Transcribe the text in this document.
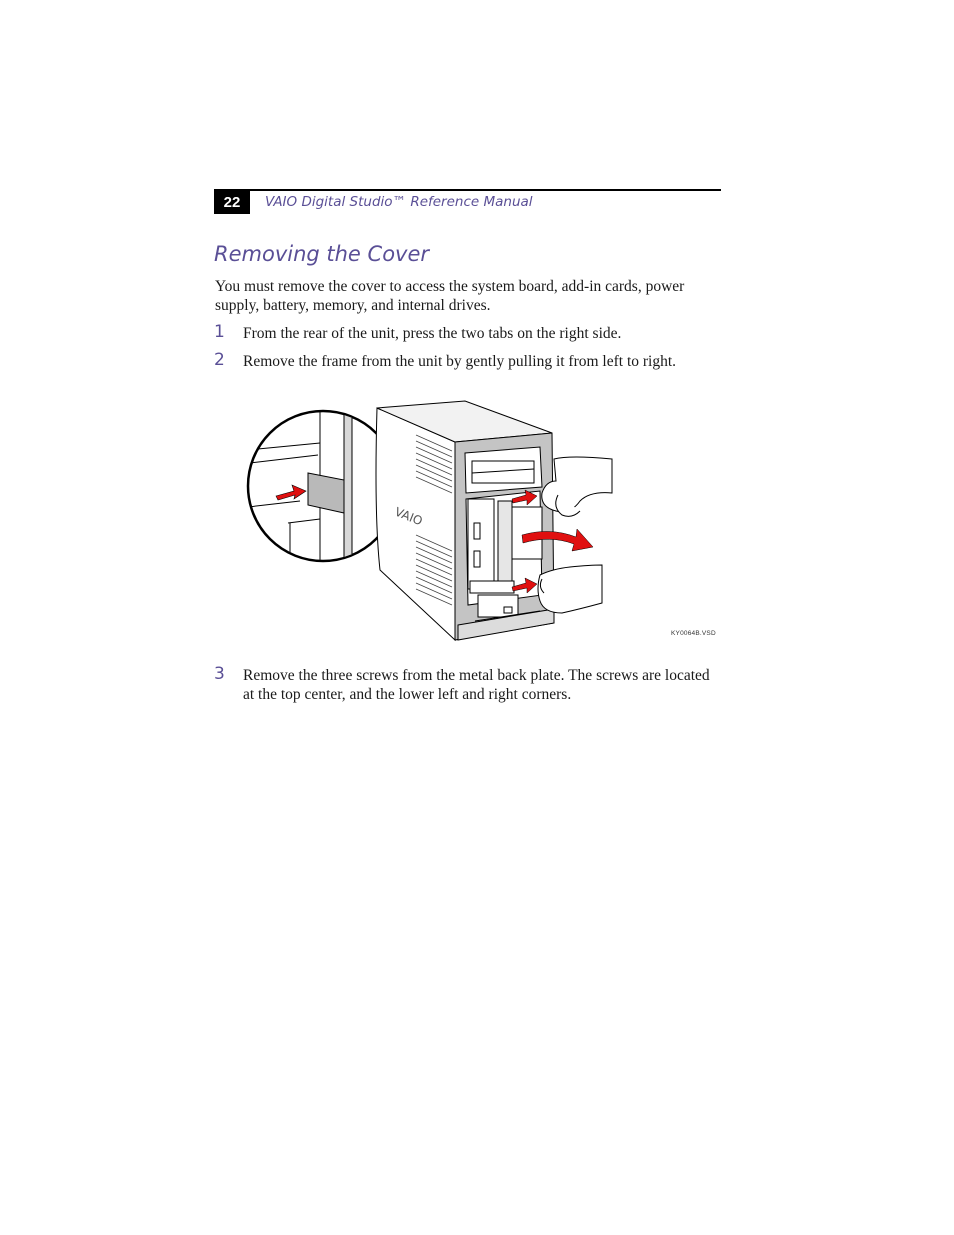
22	VAIO Digital Studio™ Reference Manual
Removing the Cover
You must remove the cover to access the system board, add-in cards, power supply, battery, memory, and internal drives.
1 From the rear of the unit, press the two tabs on the right side.
2 Remove the frame from the unit by gently pulling it from left to right.
VAIO
KY0064B.VSD
3 Remove the three screws from the metal back plate. The screws are located at the top center, and the lower left and right corners.
